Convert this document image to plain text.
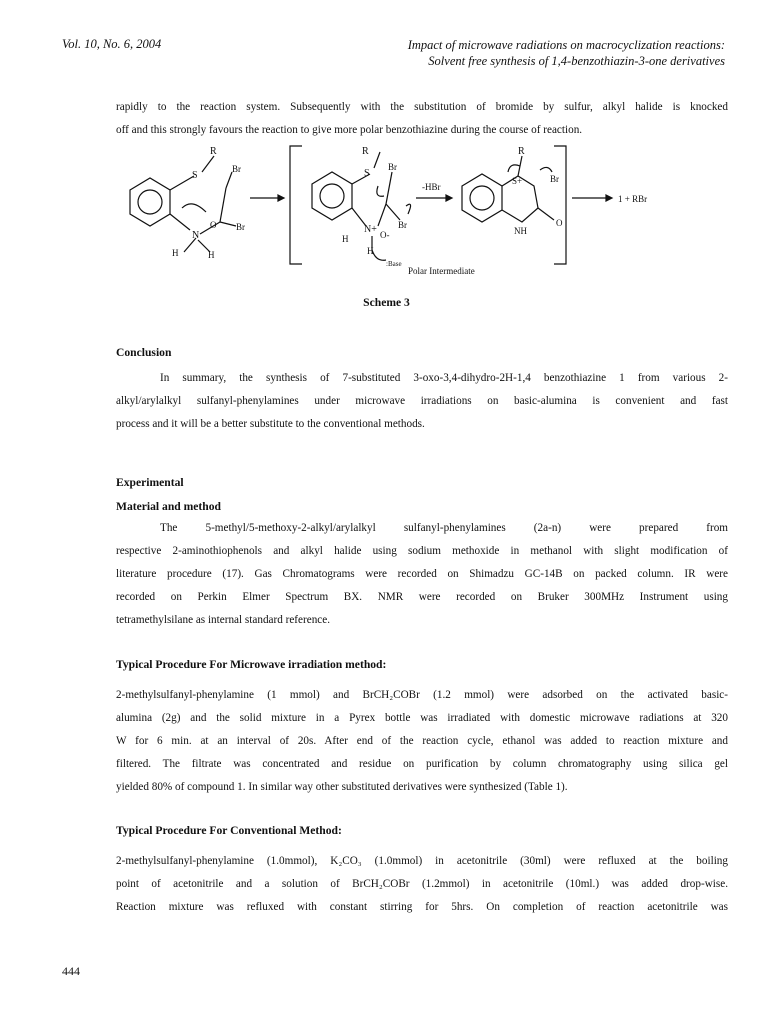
Vol. 10, No. 6, 2004	Impact of microwave radiations on macrocyclization reactions:
Solvent free synthesis of 1,4-benzothiazin-3-one derivatives
rapidly to the reaction system. Subsequently with the substitution of bromide by sulfur, alkyl halide is knocked
off and this strongly favours the reaction to give more polar benzothiazine during the course of reaction.
R
S
Br
Br
O
N
H	H
R
S
Br
Br
O-
N+
H
H
:Base
Polar Intermediate
-HBr
R
S+	Br
NH
O
1 + RBr
Scheme 3
Conclusion
In summary, the synthesis of 7-substituted 3-oxo-3,4-dihydro-2H-1,4 benzothiazine 1 from various 2-
alkyl/arylalkyl sulfanyl-phenylamines under microwave irradiations on basic-alumina is convenient and fast
process and it will be a better substitute to the conventional methods.
Experimental
Material and method
The 5-methyl/5-methoxy-2-alkyl/arylalkyl sulfanyl-phenylamines (2a-n) were prepared from
respective 2-aminothiophenols and alkyl halide using sodium methoxide in methanol with slight modification of
literature procedure (17). Gas Chromatograms were recorded on Shimadzu GC-14B on packed column. IR were
recorded on Perkin Elmer Spectrum BX. NMR were recorded on Bruker 300MHz Instrument using
tetramethylsilane as internal standard reference.
Typical Procedure For Microwave irradiation method:
2-methylsulfanyl-phenylamine (1 mmol) and BrCH₂COBr (1.2 mmol) were adsorbed on the activated basic-
alumina (2g) and the solid mixture in a Pyrex bottle was irradiated with domestic microwave radiations at 320
W for 6 min. at an interval of 20s. After end of the reaction cycle, ethanol was added to reaction mixture and
filtered. The filtrate was concentrated and residue on purification by column chromatography using silica gel
yielded 80% of compound 1. In similar way other substituted derivatives were synthesized (Table 1).
Typical Procedure For Conventional Method:
2-methylsulfanyl-phenylamine (1.0mmol), K₂CO₃ (1.0mmol) in acetonitrile (30ml) were refluxed at the boiling
point of acetonitrile and a solution of BrCH₂COBr (1.2mmol) in acetonitrile (10ml.) was added drop-wise.
Reaction mixture was refluxed with constant stirring for 5hrs. On completion of reaction acetonitrile was
444
